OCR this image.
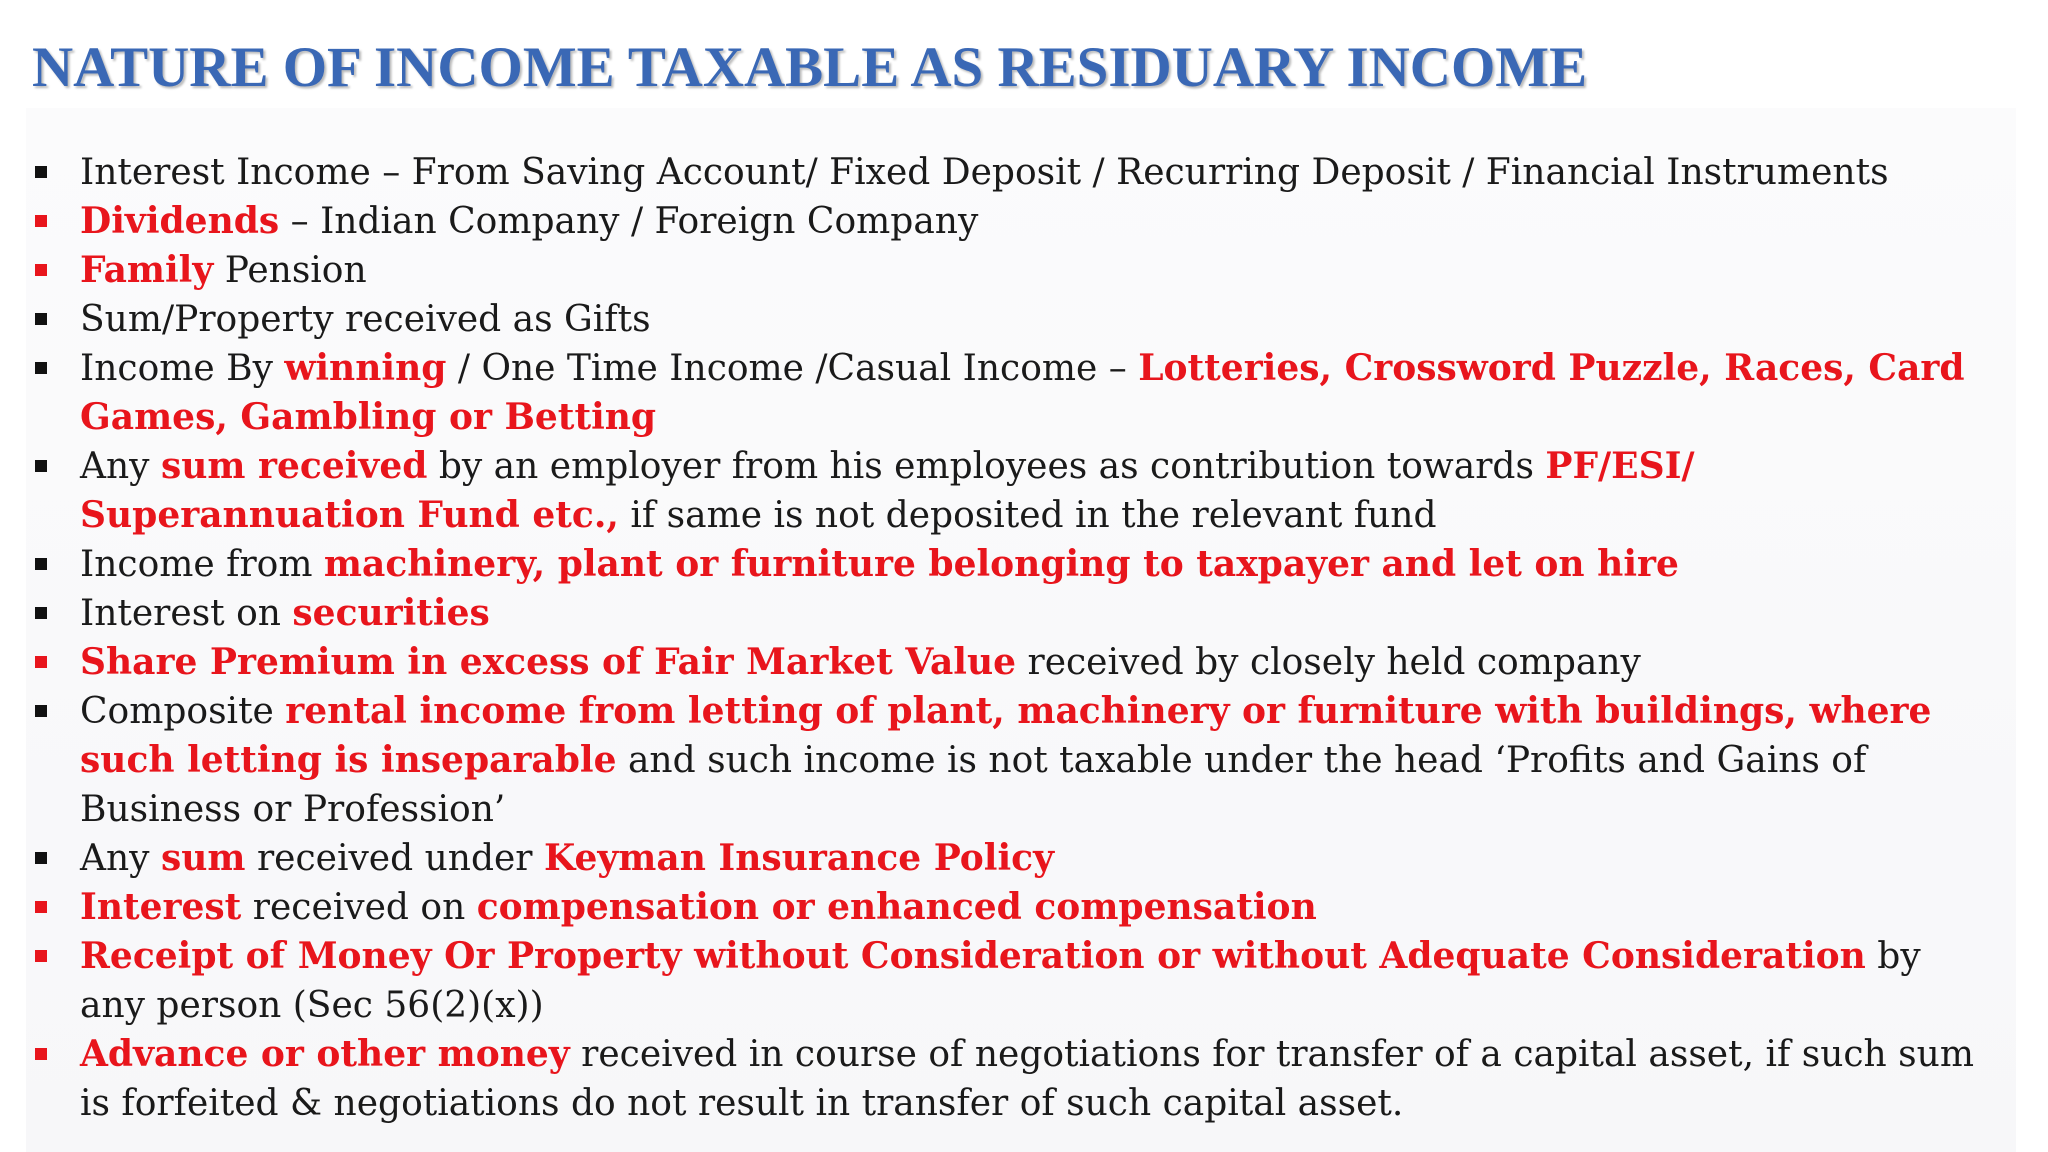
NATURE OF INCOME TAXABLE AS RESIDUARY INCOME
Interest Income – From Saving Account/ Fixed Deposit / Recurring Deposit / Financial Instruments
Dividends – Indian Company / Foreign Company
Family Pension
Sum/Property received as Gifts
Income By winning / One Time Income /Casual Income – Lotteries, Crossword Puzzle, Races, Card Games, Gambling or Betting
Any sum received by an employer from his employees as contribution towards PF/ESI/ Superannuation Fund etc., if same is not deposited in the relevant fund
Income from machinery, plant or furniture belonging to taxpayer and let on hire
Interest on securities
Share Premium in excess of Fair Market Value received by closely held company
Composite rental income from letting of plant, machinery or furniture with buildings, where such letting is inseparable and such income is not taxable under the head ‘Profits and Gains of Business or Profession’
Any sum received under Keyman Insurance Policy
Interest received on compensation or enhanced compensation
Receipt of Money Or Property without Consideration or without Adequate Consideration by any person (Sec 56(2)(x))
Advance or other money received in course of negotiations for transfer of a capital asset, if such sum is forfeited & negotiations do not result in transfer of such capital asset.
